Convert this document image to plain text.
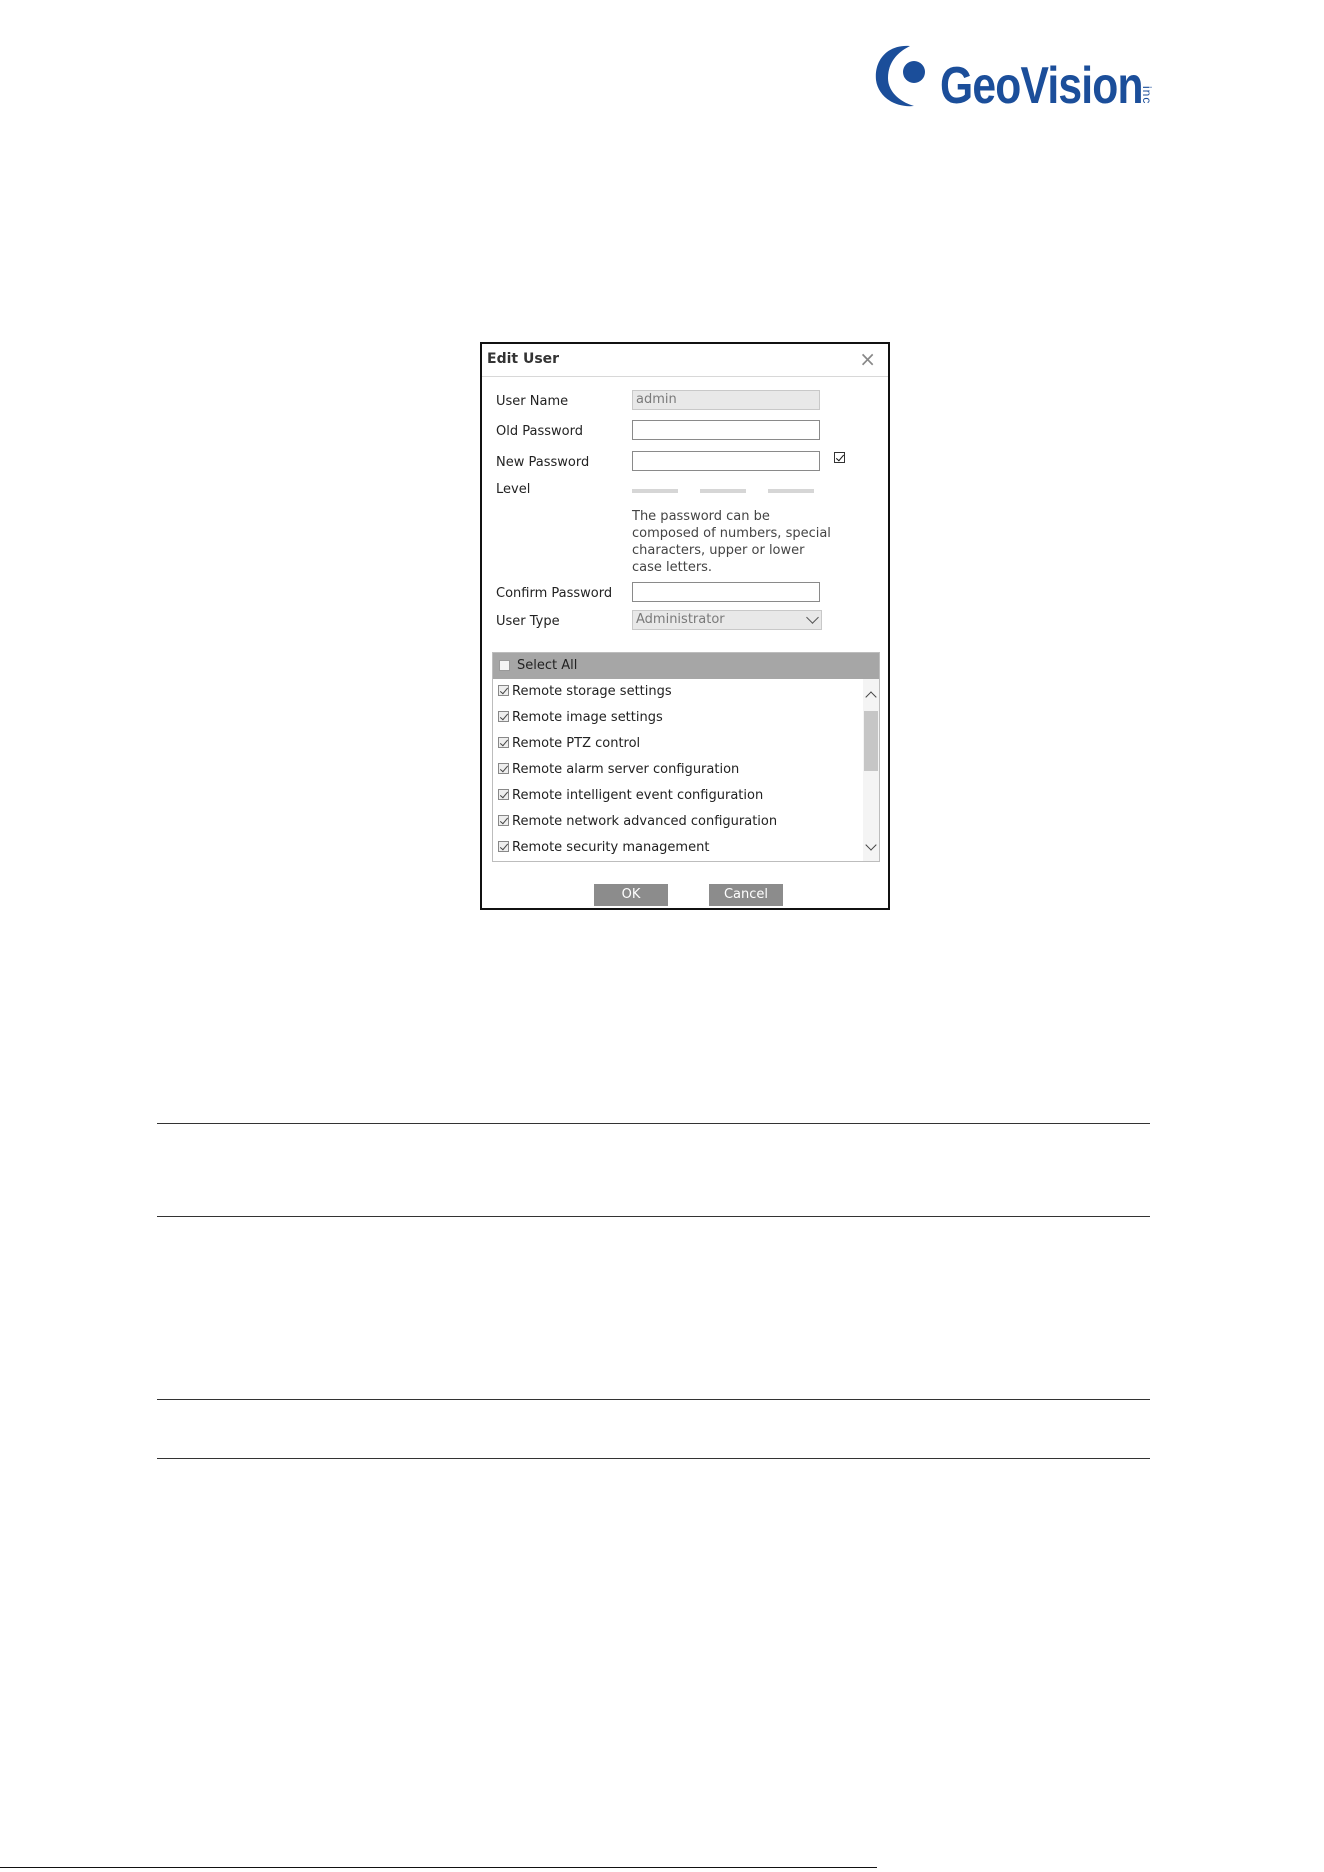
GeoVision
inc
Edit User	×
User Name	admin
Old Password
New Password
Level
The password can be composed of numbers, special characters, upper or lower case letters.
Confirm Password
User Type	Administrator
Select All
Remote storage settings
Remote image settings
Remote PTZ control
Remote alarm server configuration
Remote intelligent event configuration
Remote network advanced configuration
Remote security management
OK	Cancel
